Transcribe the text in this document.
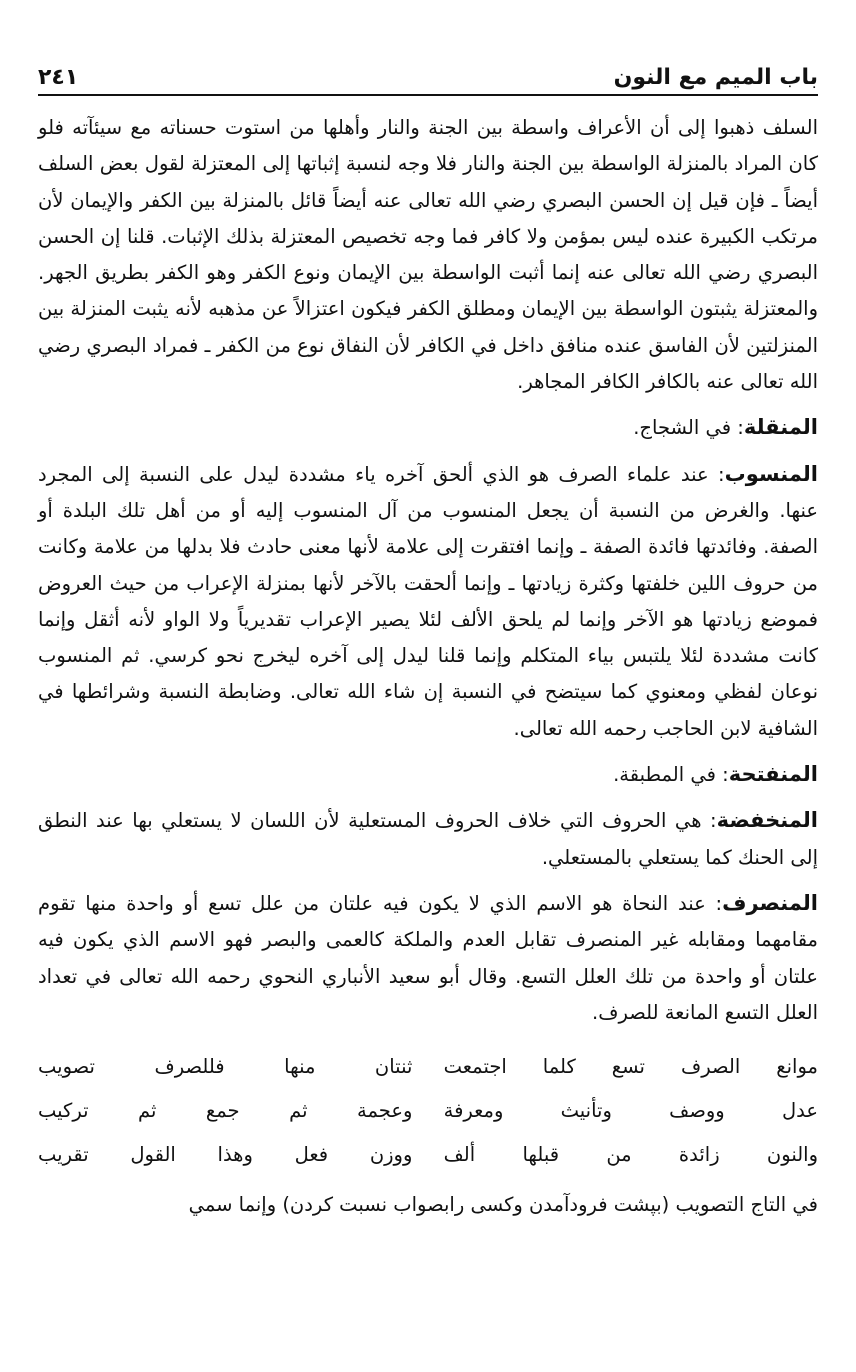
باب الميم مع النون
٢٤١

السلف ذهبوا إلى أن الأعراف واسطة بين الجنة والنار وأهلها من استوت حسناته مع سيئآته فلو كان المراد بالمنزلة الواسطة بين الجنة والنار فلا وجه لنسبة إثباتها إلى المعتزلة لقول بعض السلف أيضاً ـ فإن قيل إن الحسن البصري رضي الله تعالى عنه أيضاً قائل بالمنزلة بين الكفر والإيمان لأن مرتكب الكبيرة عنده ليس بمؤمن ولا كافر فما وجه تخصيص المعتزلة بذلك الإثبات. قلنا إن الحسن البصري رضي الله تعالى عنه إنما أثبت الواسطة بين الإيمان ونوع الكفر وهو الكفر بطريق الجهر. والمعتزلة يثبتون الواسطة بين الإيمان ومطلق الكفر فيكون اعتزالاً عن مذهبه لأنه يثبت المنزلة بين المنزلتين لأن الفاسق عنده منافق داخل في الكافر لأن النفاق نوع من الكفر ـ فمراد البصري رضي الله تعالى عنه بالكافر الكافر المجاهر.

المنقلة: في الشجاج.

المنسوب: عند علماء الصرف هو الذي ألحق آخره ياء مشددة ليدل على النسبة إلى المجرد عنها. والغرض من النسبة أن يجعل المنسوب من آل المنسوب إليه أو من أهل تلك البلدة أو الصفة. وفائدتها فائدة الصفة ـ وإنما افتقرت إلى علامة لأنها معنى حادث فلا بدلها من علامة وكانت من حروف اللين خلفتها وكثرة زيادتها ـ وإنما ألحقت بالآخر لأنها بمنزلة الإعراب من حيث العروض فموضع زيادتها هو الآخر وإنما لم يلحق الألف لئلا يصير الإعراب تقديرياً ولا الواو لأنه أثقل وإنما كانت مشددة لئلا يلتبس بياء المتكلم وإنما قلنا ليدل إلى آخره ليخرج نحو كرسي. ثم المنسوب نوعان لفظي ومعنوي كما سيتضح في النسبة إن شاء الله تعالى. وضابطة النسبة وشرائطها في الشافية لابن الحاجب رحمه الله تعالى.

المنفتحة: في المطبقة.

المنخفضة: هي الحروف التي خلاف الحروف المستعلية لأن اللسان لا يستعلي بها عند النطق إلى الحنك كما يستعلي بالمستعلي.

المنصرف: عند النحاة هو الاسم الذي لا يكون فيه علتان من علل تسع أو واحدة منها تقوم مقامهما ومقابله غير المنصرف تقابل العدم والملكة كالعمى والبصر فهو الاسم الذي يكون فيه علتان أو واحدة من تلك العلل التسع. وقال أبو سعيد الأنباري النحوي رحمه الله تعالى في تعداد العلل التسع المانعة للصرف.

موانع الصرف تسع كلما اجتمعت
ثنتان منها فللصرف تصويب
عدل ووصف وتأنيث ومعرفة
وعجمة ثم جمع ثم تركيب
والنون زائدة من قبلها ألف
ووزن فعل وهذا القول تقريب

في التاج التصويب (بپشت فرودآمدن وكسى رابصواب نسبت كردن) وإنما سمي
